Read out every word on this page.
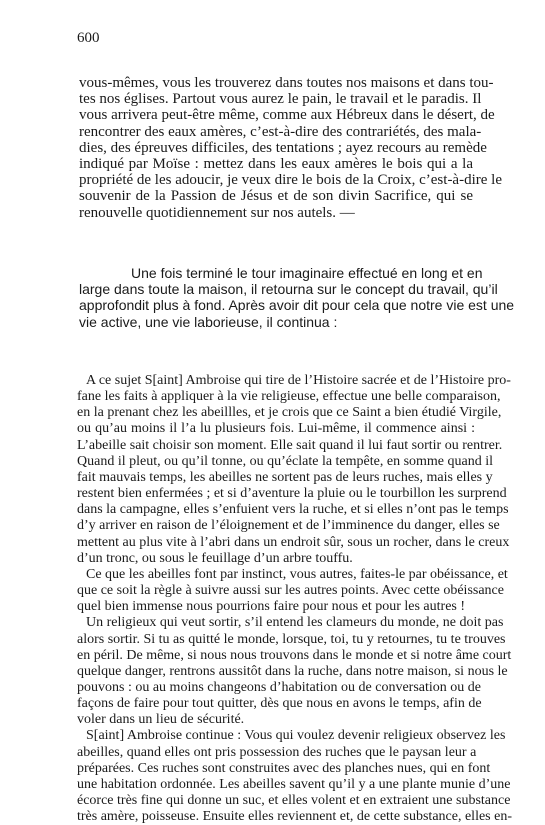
600
vous-mêmes, vous les trouverez dans toutes nos maisons et dans tou-
tes nos églises. Partout vous aurez le pain, le travail et le paradis. Il
vous arrivera peut-être même, comme aux Hébreux dans le désert, de
rencontrer des eaux amères, c’est-à-dire des contrariétés, des mala-
dies, des épreuves difficiles, des tentations ; ayez recours au remède
indiqué par Moïse : mettez dans les eaux amères le bois qui a la
propriété de les adoucir, je veux dire le bois de la Croix, c’est-à-dire le
souvenir de la Passion de Jésus et de son divin Sacrifice, qui se
renouvelle quotidiennement sur nos autels. —
Une fois terminé le tour imaginaire effectué en long et en
large dans toute la maison, il retourna sur le concept du travail, qu’il
approfondit plus à fond. Après avoir dit pour cela que notre vie est une
vie active, une vie laborieuse, il continua :
A ce sujet S[aint] Ambroise qui tire de l’Histoire sacrée et de l’Histoire pro-
fane les faits à appliquer à la vie religieuse, effectue une belle comparaison,
en la prenant chez les abeillles, et je crois que ce Saint a bien étudié Virgile,
ou qu’au moins il l’a lu plusieurs fois. Lui-même, il commence ainsi :
L’abeille sait choisir son moment. Elle sait quand il lui faut sortir ou rentrer.
Quand il pleut, ou qu’il tonne, ou qu’éclate la tempête, en somme quand il
fait mauvais temps, les abeilles ne sortent pas de leurs ruches, mais elles y
restent bien enfermées ; et si d’aventure la pluie ou le tourbillon les surprend
dans la campagne, elles s’enfuient vers la ruche, et si elles n’ont pas le temps
d’y arriver en raison de l’éloignement et de l’imminence du danger, elles se
mettent au plus vite à l’abri dans un endroit sûr, sous un rocher, dans le creux
d’un tronc, ou sous le feuillage d’un arbre touffu.
Ce que les abeilles font par instinct, vous autres, faites-le par obéissance, et
que ce soit la règle à suivre aussi sur les autres points. Avec cette obéissance
quel bien immense nous pourrions faire pour nous et pour les autres !
Un religieux qui veut sortir, s’il entend les clameurs du monde, ne doit pas
alors sortir. Si tu as quitté le monde, lorsque, toi, tu y retournes, tu te trouves
en péril. De même, si nous nous trouvons dans le monde et si notre âme court
quelque danger, rentrons aussitôt dans la ruche, dans notre maison, si nous le
pouvons : ou au moins changeons d’habitation ou de conversation ou de
façons de faire pour tout quitter, dès que nous en avons le temps, afin de
voler dans un lieu de sécurité.
S[aint] Ambroise continue : Vous qui voulez devenir religieux observez les
abeilles, quand elles ont pris possession des ruches que le paysan leur a
préparées. Ces ruches sont construites avec des planches nues, qui en font
une habitation ordonnée. Les abeilles savent qu’il y a une plante munie d’une
écorce très fine qui donne un suc, et elles volent et en extraient une substance
très amère, poisseuse. Ensuite elles reviennent et, de cette substance, elles en-
